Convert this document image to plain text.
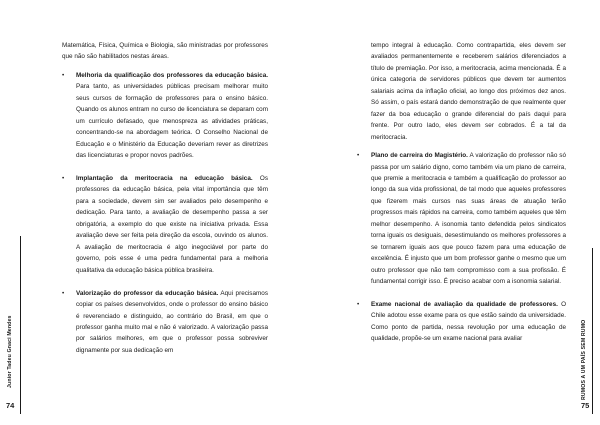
Matemática, Física, Química e Biologia, são ministradas por professores que não são habilitados nestas áreas.

• Melhoria da qualificação dos professores da educação básica. Para tanto, as universidades públicas precisam melhorar muito seus cursos de formação de professores para o ensino básico. Quando os alunos entram no curso de licenciatura se deparam com um currículo defasado, que menospreza as atividades práticas, concentrando-se na abordagem teórica. O Conselho Nacional de Educação e o Ministério da Educação deveriam rever as diretrizes das licenciaturas e propor novos padrões.
• Implantação da meritocracia na educação básica. Os professores da educação básica, pela vital importância que têm para a sociedade, devem sim ser avaliados pelo desempenho e dedicação. Para tanto, a avaliação de desempenho passa a ser obrigatória, a exemplo do que existe na iniciativa privada. Essa avaliação deve ser feita pela direção da escola, ouvindo os alunos. A avaliação de meritocracia é algo inegociável por parte do governo, pois esse é uma pedra fundamental para a melhoria qualitativa da educação básica pública brasileira.
• Valorização do professor da educação básica. Aqui precisamos copiar os países desenvolvidos, onde o professor do ensino básico é reverenciado e distinguido, ao contrário do Brasil, em que o professor ganha muito mal e não é valorizado. A valorização passa por salários melhores, em que o professor possa sobreviver dignamente por sua dedicação em
Junior Tadeu Gnaci Mendes
74

tempo integral à educação. Como contrapartida, eles devem ser avaliados permanentemente e receberem salários diferenciados a título de premiação. Por isso, a meritocracia, acima mencionada. É a única categoria de servidores públicos que devem ter aumentos salariais acima da inflação oficial, ao longo dos próximos dez anos. Só assim, o país estará dando demonstração de que realmente quer fazer da boa educação o grande diferencial do país daqui para frente. Por outro lado, eles devem ser cobrados. É a tal da meritocracia.

• Plano de carreira do Magistério. A valorização do professor não só passa por um salário digno, como também via um plano de carreira, que premie a meritocracia e também a qualificação do professor ao longo da sua vida profissional, de tal modo que aqueles professores que fizerem mais cursos nas suas áreas de atuação terão progressos mais rápidos na carreira, como também aqueles que têm melhor desempenho. A isonomia tanto defendida pelos sindicatos torna iguais os desiguais, desestimulando os melhores professores a se tornarem iguais aos que pouco fazem para uma educação de excelência. É injusto que um bom professor ganhe o mesmo que um outro professor que não tem compromisso com a sua profissão. É fundamental corrigir isso. É preciso acabar com a isonomia salarial.
• Exame nacional de avaliação da qualidade de professores. O Chile adotou esse exame para os que estão saindo da universidade. Como ponto de partida, nessa revolução por uma educação de qualidade, propõe-se um exame nacional para avaliar	RUMOS A UM PAÍS SEM RUMO
75
